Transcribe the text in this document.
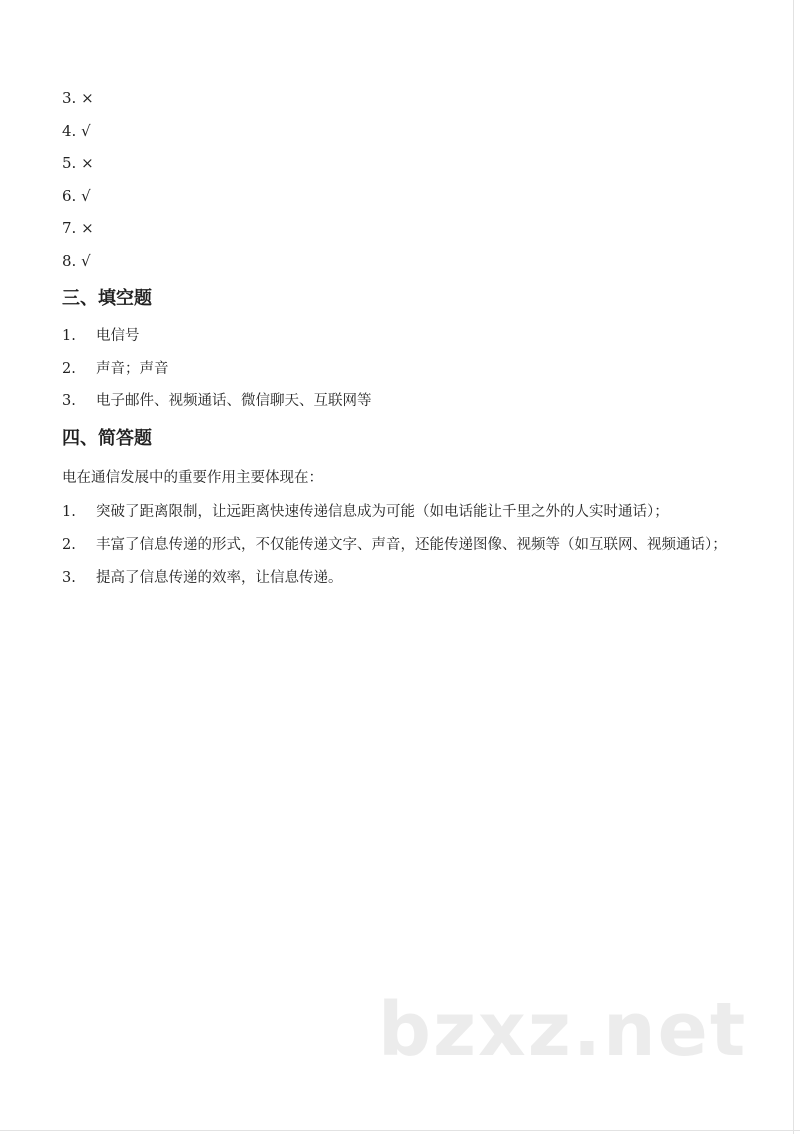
3. ×
4. √
5. ×
6. √
7. ×
8. √
三、填空题
1. 电信号
2. 声音；声音
3. 电子邮件、视频通话、微信聊天、互联网等
四、简答题
电在通信发展中的重要作用主要体现在：
1. 突破了距离限制，让远距离快速传递信息成为可能（如电话能让千里之外的人实时通话）；
2. 丰富了信息传递的形式，不仅能传递文字、声音，还能传递图像、视频等（如互联网、视频通话）；
3. 提高了信息传递的效率，让信息传递。
bzxz.net
